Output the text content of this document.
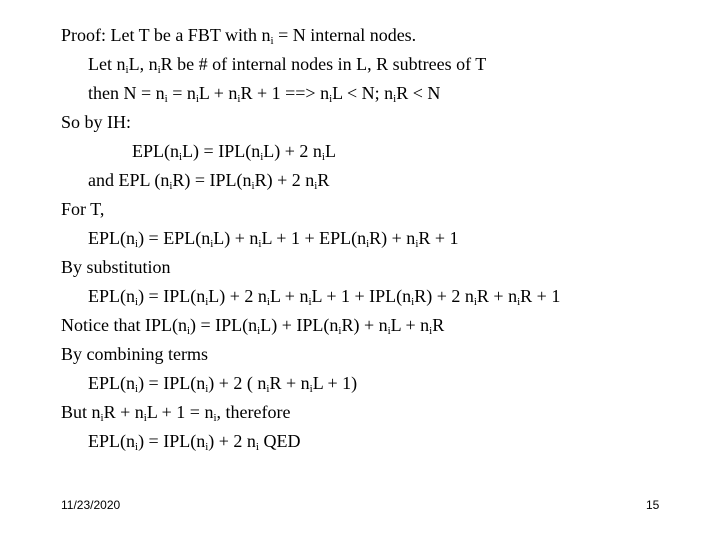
Proof: Let T be a FBT with $n_i = N$ internal nodes.
Let $n_iL$, $n_iR$ be # of internal nodes in L, R subtrees of T
then $N = n_i = n_iL + n_iR + 1$ ==> $n_iL < N$; $n_iR < N$
So by IH:
$EPL(n_iL) = IPL(n_iL) + 2$ $n_iL$
and EPL $(n_iR) = IPL(n_iR) + 2$ $n_iR$
For T,
$EPL(n_i) = EPL(n_iL) + n_iL + 1 + EPL(n_iR) + n_iR + 1$
By substitution
$EPL(n_i) = IPL(n_iL) + 2$ $n_iL + n_iL + 1 + IPL(n_iR) + 2$ $n_iR + n_iR + 1$
Notice that $IPL(n_i) = IPL(n_iL) + IPL(n_iR) + n_iL + n_iR$
By combining terms
$EPL(n_i) = IPL(n_i) + 2$ ( $n_iR + n_iL + 1$)
But $n_iR + n_iL + 1 = n_i$, therefore
$EPL(n_i) = IPL(n_i) + 2$ $n_i$ QED
11/23/2020	15
